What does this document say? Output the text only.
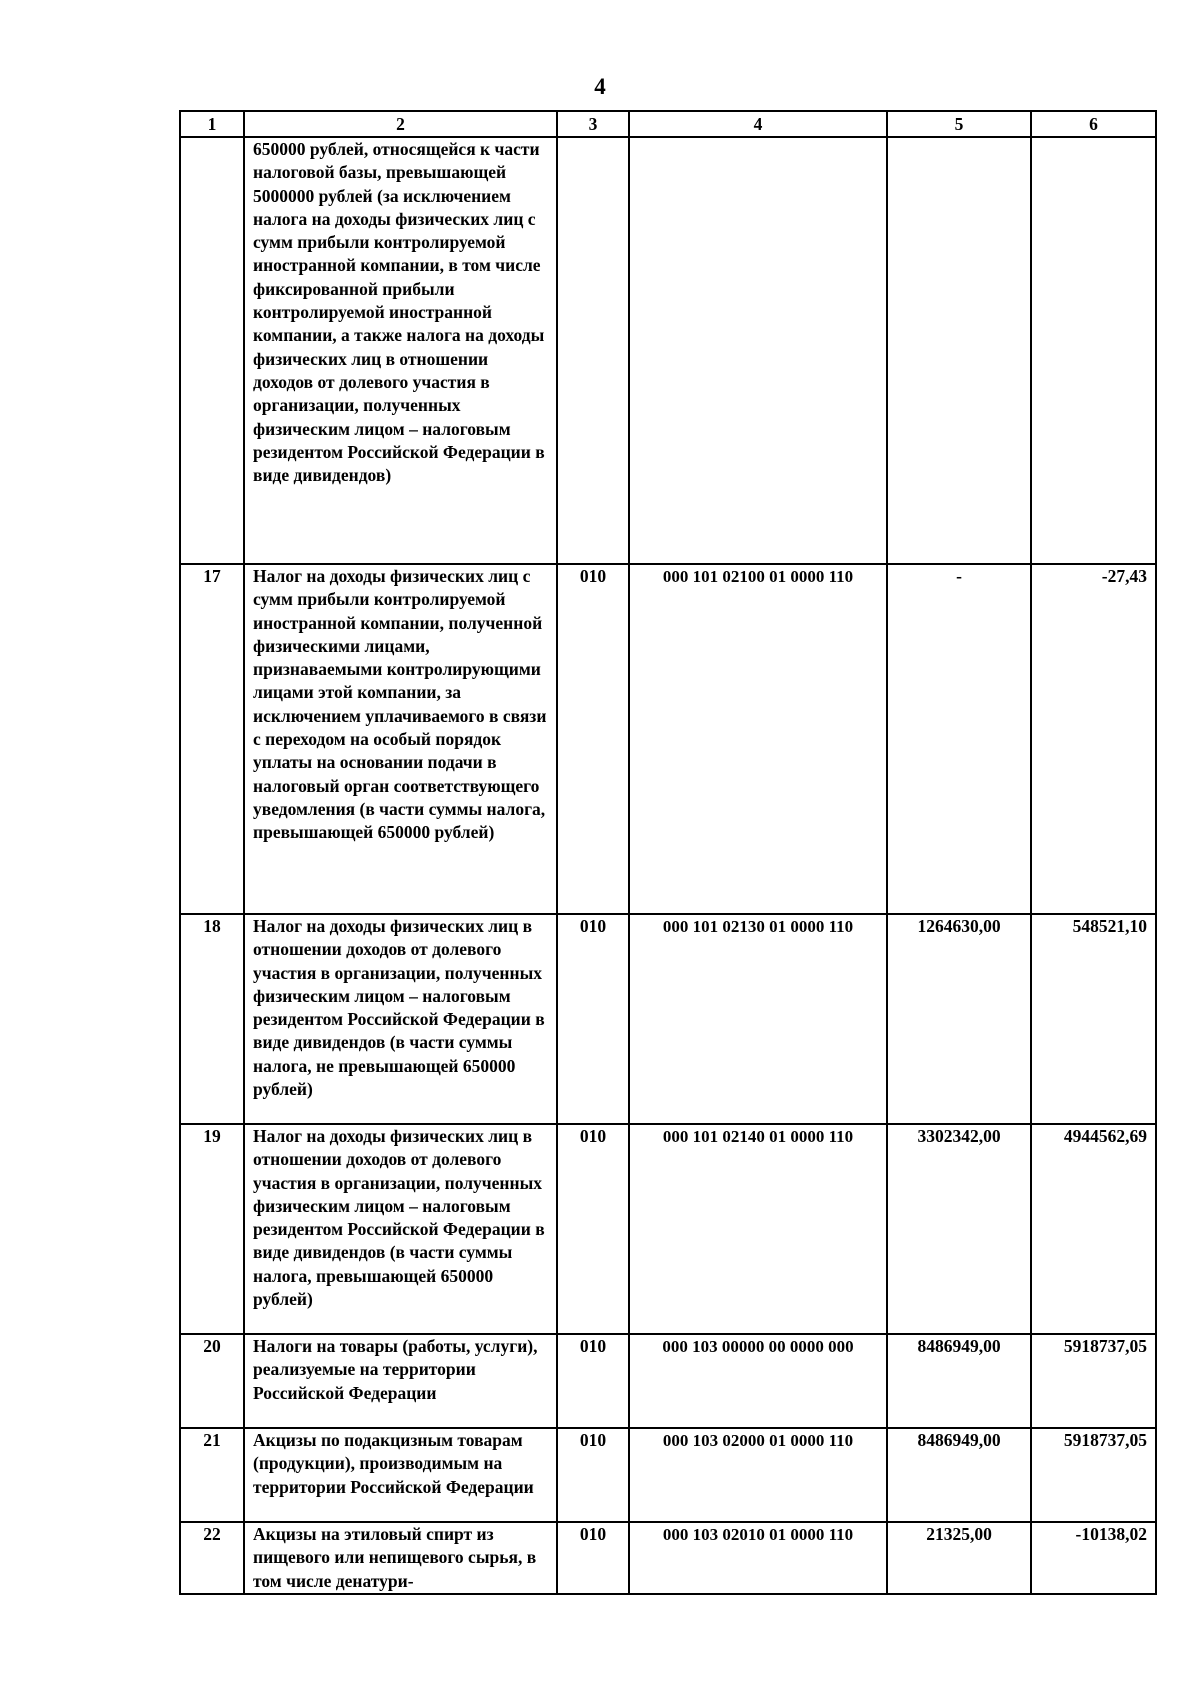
4
1	2	3	4	5	6
	650000 рублей, относящейся к части налоговой базы, превышающей 5000000 рублей (за исключением налога на доходы физических лиц с сумм прибыли контролируемой иностранной компании, в том числе фиксированной прибыли контролируемой иностранной компании, а также налога на доходы физических лиц в отношении доходов от долевого участия в организации, полученных физическим лицом – налоговым резидентом Российской Федерации в виде дивидендов)				
17	Налог на доходы физических лиц с сумм прибыли контролируемой иностранной компании, полученной физическими лицами, признаваемыми контролирующими лицами этой компании, за исключением уплачиваемого в связи с переходом на особый порядок уплаты на основании подачи в налоговый орган соответствующего уведомления (в части суммы налога, превышающей 650000 рублей)	010	000 101 02100 01 0000 110	-	-27,43
18	Налог на доходы физических лиц в отношении доходов от долевого участия в организации, полученных физическим лицом – налоговым резидентом Российской Федерации в виде дивидендов (в части суммы налога, не превышающей 650000 рублей)	010	000 101 02130 01 0000 110	1264630,00	548521,10
19	Налог на доходы физических лиц в отношении доходов от долевого участия в организации, полученных физическим лицом – налоговым резидентом Российской Федерации в виде дивидендов (в части суммы налога, превышающей 650000 рублей)	010	000 101 02140 01 0000 110	3302342,00	4944562,69
20	Налоги на товары (работы, услуги), реализуемые на территории Российской Федерации	010	000 103 00000 00 0000 000	8486949,00	5918737,05
21	Акцизы по подакцизным товарам (продукции), производимым на территории Российской Федерации	010	000 103 02000 01 0000 110	8486949,00	5918737,05
22	Акцизы на этиловый спирт из пищевого или непищевого сырья, в том числе денатури-	010	000 103 02010 01 0000 110	21325,00	-10138,02
